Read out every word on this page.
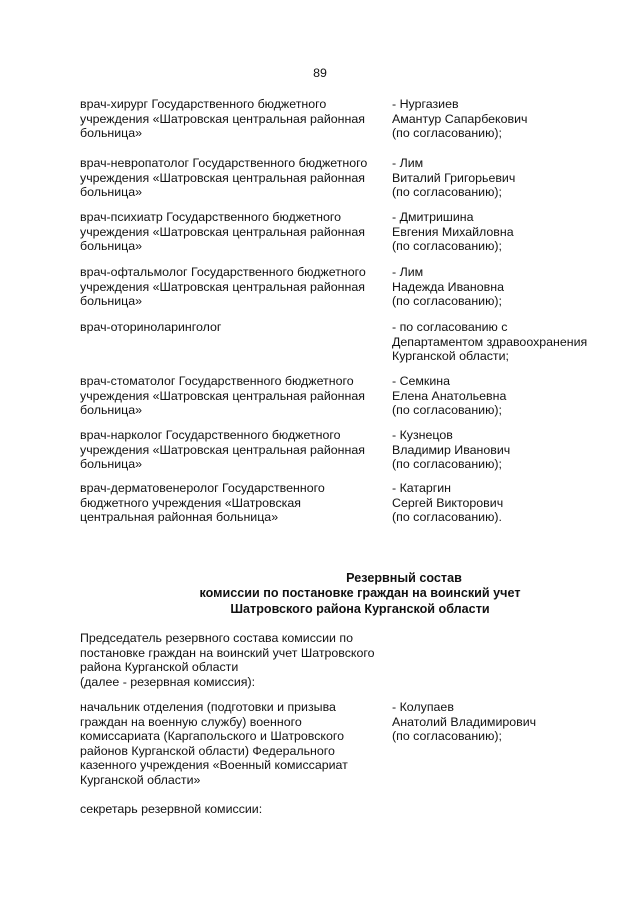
89
врач-хирург Государственного бюджетного
учреждения «Шатровская центральная районная
больница»
- Нургазиев
Амантур Сапарбекович
(по согласованию);
врач-невропатолог Государственного бюджетного
учреждения «Шатровская центральная районная
больница»
- Лим
Виталий Григорьевич
(по согласованию);
врач-психиатр Государственного бюджетного
учреждения «Шатровская центральная районная
больница»
- Дмитришина
Евгения Михайловна
(по согласованию);
врач-офтальмолог Государственного бюджетного
учреждения «Шатровская центральная районная
больница»
- Лим
Надежда Ивановна
(по согласованию);
врач-оториноларинголог	- по согласованию с
Департаментом здравоохранения
Курганской области;
врач-стоматолог Государственного бюджетного
учреждения «Шатровская центральная районная
больница»
- Семкина
Елена Анатольевна
(по согласованию);
врач-нарколог Государственного бюджетного
учреждения «Шатровская центральная районная
больница»
- Кузнецов
Владимир Иванович
(по согласованию);
врач-дерматовенеролог Государственного
бюджетного учреждения «Шатровская
центральная районная больница»
- Катаргин
Сергей Викторович
(по согласованию).
Резервный состав
комиссии по постановке граждан на воинский учет
Шатровского района Курганской области
Председатель резервного состава комиссии по
постановке граждан на воинский учет Шатровского
района Курганской области
(далее - резервная комиссия):
начальник отделения (подготовки и призыва
граждан на военную службу) военного
комиссариата (Каргапольского и Шатровского
районов Курганской области) Федерального
казенного учреждения «Военный комиссариат
Курганской области»
- Колупаев
Анатолий Владимирович
(по согласованию);
секретарь резервной комиссии:
